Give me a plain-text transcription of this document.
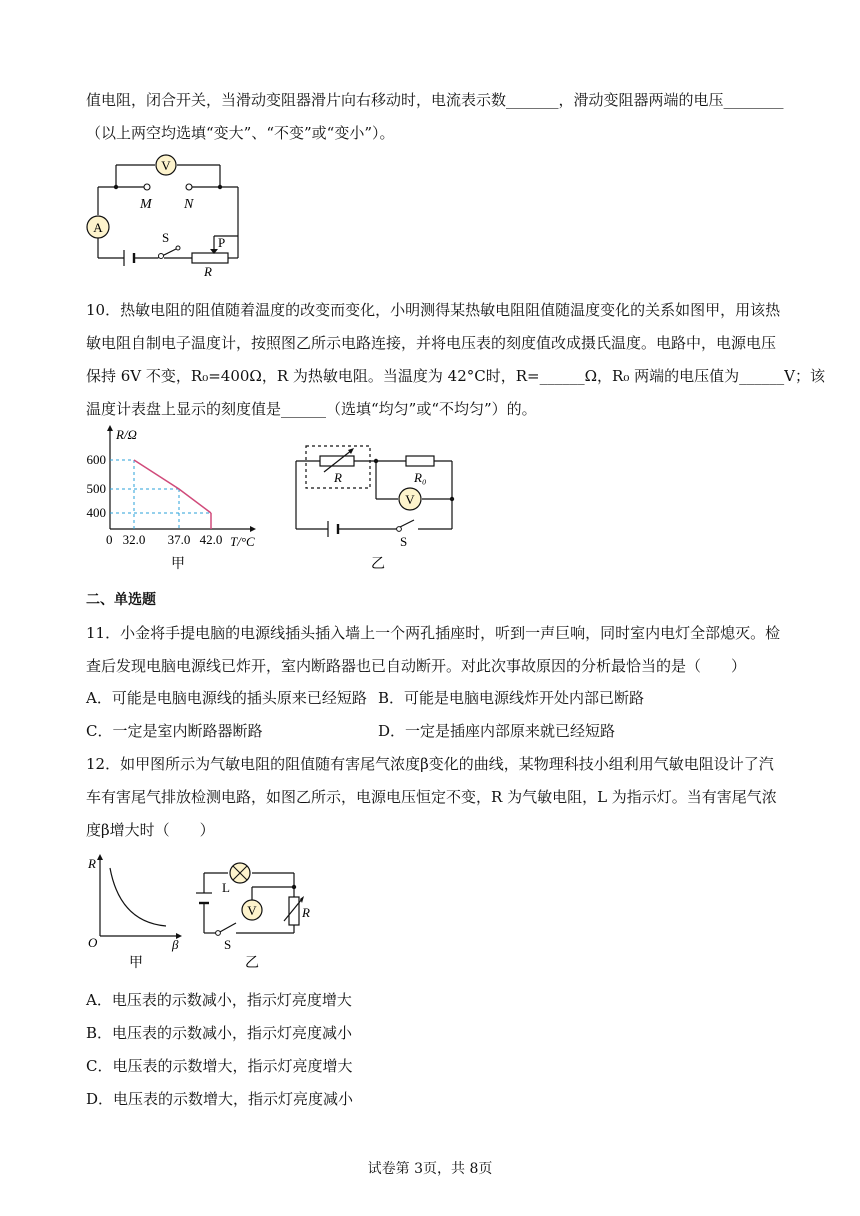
值电阻，闭合开关，当滑动变阻器滑片向右移动时，电流表示数_______，滑动变阻器两端的电压________
（以上两空均选填“变大”、“不变”或“变小”）。
V
A
M N
S	P
R
10．热敏电阻的阻值随着温度的改变而变化，小明测得某热敏电阻阻值随温度变化的关系如图甲，用该热
敏电阻自制电子温度计，按照图乙所示电路连接，并将电压表的刻度值改成摄氏温度。电路中，电源电压
保持 6V 不变，R₀=400Ω，R 为热敏电阻。当温度为 42°C时，R=______Ω，R₀ 两端的电压值为______V；该
温度计表盘上显示的刻度值是______（选填“均匀”或“不均匀”）的。
R/Ω
600
500
400
0 32.0 37.0 42.0 T/°C
甲
V
R	R₀
S
乙
二、单选题
11．小金将手提电脑的电源线插头插入墙上一个两孔插座时，听到一声巨响，同时室内电灯全部熄灭。检
查后发现电脑电源线已炸开，室内断路器也已自动断开。对此次事故原因的分析最恰当的是（　　）
A．可能是电脑电源线的插头原来已经短路 B．可能是电脑电源线炸开处内部已断路
C．一定是室内断路器断路	D．一定是插座内部原来就已经短路
12．如甲图所示为气敏电阻的阻值随有害尾气浓度β变化的曲线，某物理科技小组利用气敏电阻设计了汽
车有害尾气排放检测电路，如图乙所示，电源电压恒定不变，R 为气敏电阻，L 为指示灯。当有害尾气浓
度β增大时（　　）
R
O	β
甲
V
L
R
S
乙
A．电压表的示数减小，指示灯亮度增大
B．电压表的示数减小，指示灯亮度减小
C．电压表的示数增大，指示灯亮度增大
D．电压表的示数增大，指示灯亮度减小
试卷第 3页，共 8页
